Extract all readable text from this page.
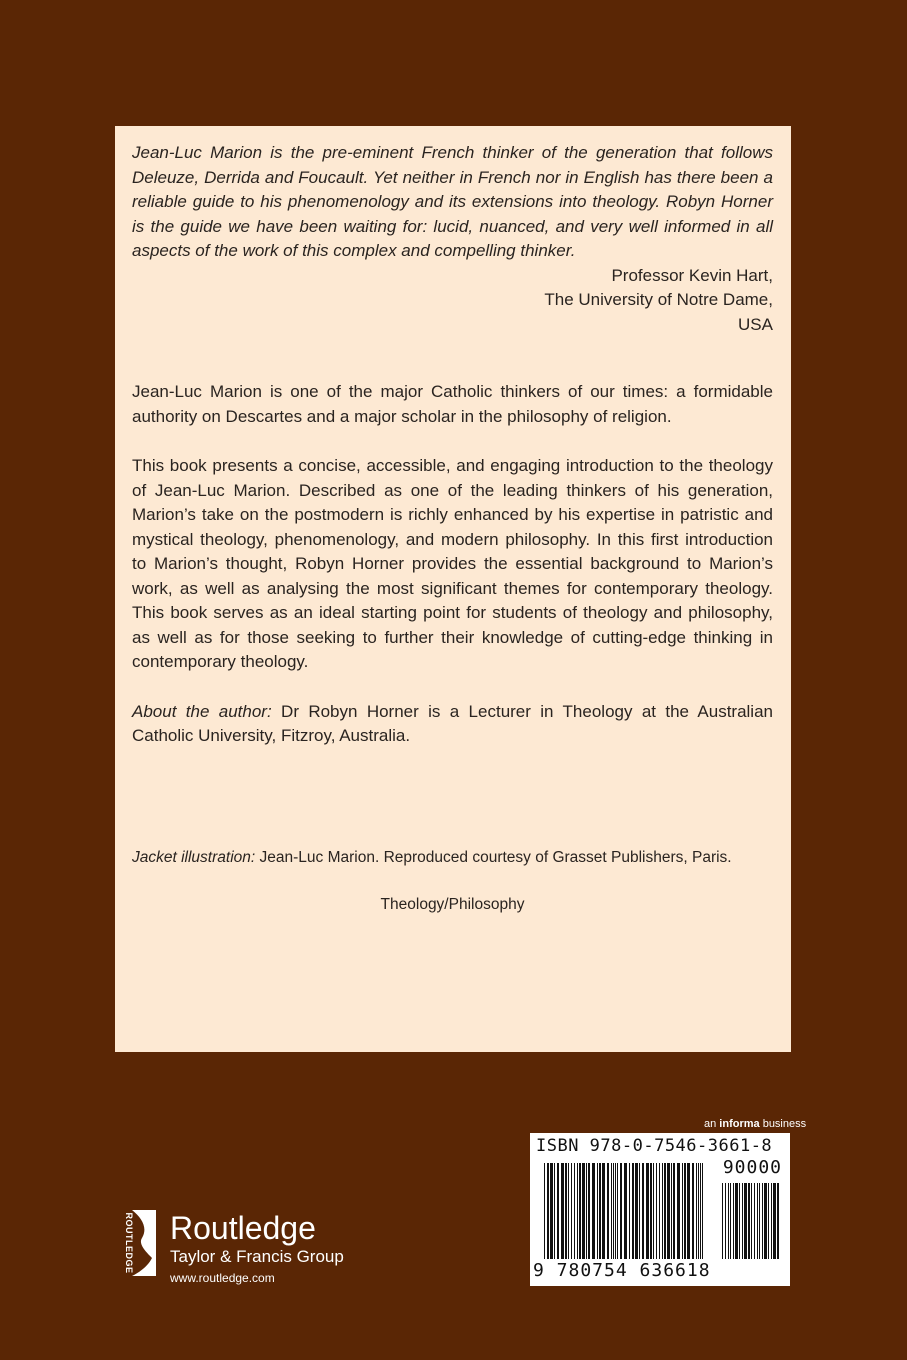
Jean-Luc Marion is the pre-eminent French thinker of the generation that follows Deleuze, Derrida and Foucault. Yet neither in French nor in English has there been a reliable guide to his phenomenology and its extensions into theology. Robyn Horner is the guide we have been waiting for: lucid, nuanced, and very well informed in all aspects of the work of this complex and compelling thinker.

Professor Kevin Hart,

The University of Notre Dame,

USA

Jean-Luc Marion is one of the major Catholic thinkers of our times: a formidable authority on Descartes and a major scholar in the philosophy of religion.

This book presents a concise, accessible, and engaging introduction to the theology of Jean-Luc Marion. Described as one of the leading thinkers of his generation, Marion’s take on the postmodern is richly enhanced by his expertise in patristic and mystical theology, phenomenology, and modern philosophy. In this first introduction to Marion’s thought, Robyn Horner provides the essential background to Marion’s work, as well as analysing the most significant themes for contemporary theology. This book serves as an ideal starting point for students of theology and philosophy, as well as for those seeking to further their knowledge of cutting-edge thinking in contemporary theology.

About the author: Dr Robyn Horner is a Lecturer in Theology at the Australian Catholic University, Fitzroy, Australia.

Jacket illustration: Jean-Luc Marion. Reproduced courtesy of Grasset Publishers, Paris.

Theology/Philosophy

an informa business
ISBN 978-0-7546-3661-8
90000
9 780754 636618
ROUTLEDGE Routledge
Taylor & Francis Group
www.routledge.com
